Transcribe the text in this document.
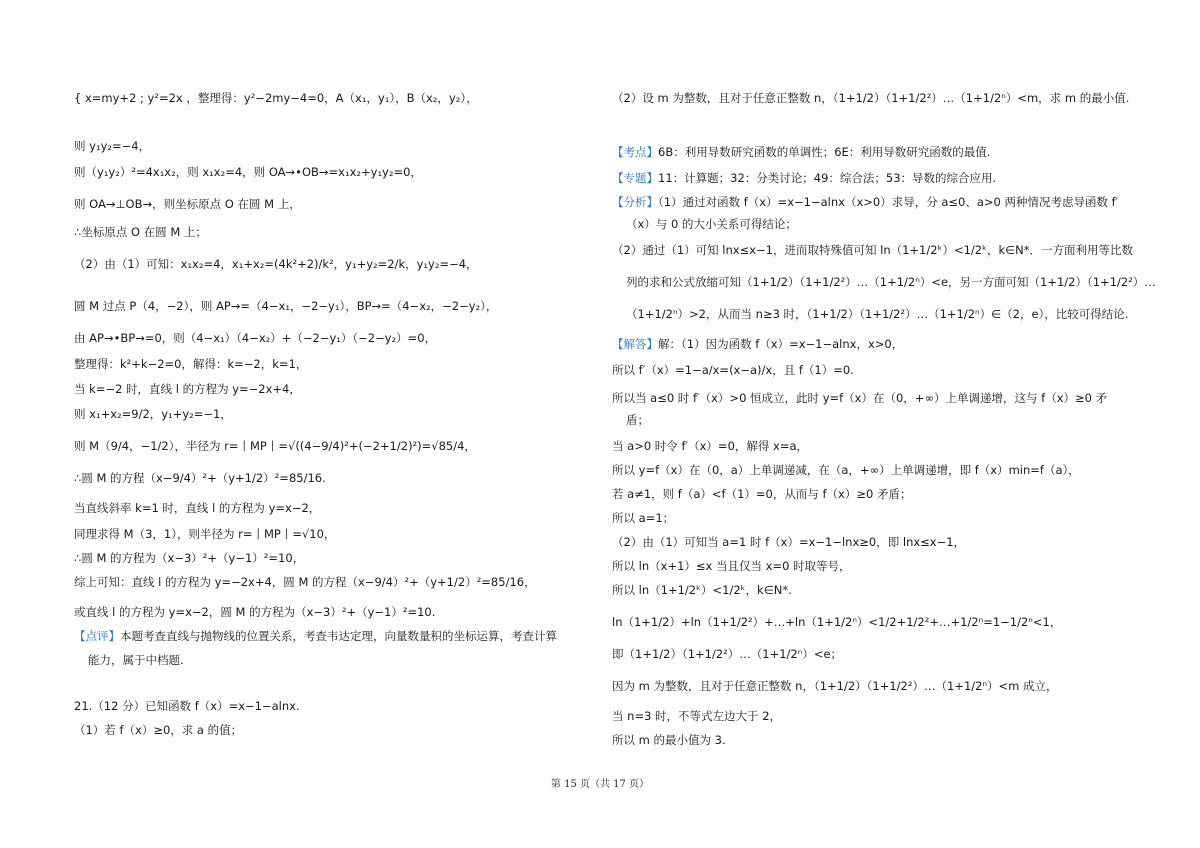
{ x=my+2 ; y²=2x ，整理得：y²−2my−4=0，A（x₁，y₁），B（x₂，y₂），
则 y₁y₂=−4，
则（y₁y₂）²=4x₁x₂，则 x₁x₂=4，则 OA→•OB→=x₁x₂+y₁y₂=0，
则 OA→⊥OB→，则坐标原点 O 在圆 M 上，
∴坐标原点 O 在圆 M 上；
（2）由（1）可知：x₁x₂=4，x₁+x₂=(4k²+2)/k²，y₁+y₂=2/k，y₁y₂=−4，
圆 M 过点 P（4，−2），则 AP→=（4−x₁，−2−y₁），BP→=（4−x₂，−2−y₂），
由 AP→•BP→=0，则（4−x₁）（4−x₂）+（−2−y₁）（−2−y₂）=0，
整理得：k²+k−2=0，解得：k=−2，k=1，
当 k=−2 时，直线 l 的方程为 y=−2x+4，
则 x₁+x₂=9/2，y₁+y₂=−1，
则 M（9/4，−1/2），半径为 r=丨MP丨=√((4−9/4)²+(−2+1/2)²)=√85/4，
∴圆 M 的方程（x−9/4）²+（y+1/2）²=85/16.
当直线斜率 k=1 时，直线 l 的方程为 y=x−2，
同理求得 M（3，1），则半径为 r=丨MP丨=√10，
∴圆 M 的方程为（x−3）²+（y−1）²=10，
综上可知：直线 l 的方程为 y=−2x+4，圆 M 的方程（x−9/4）²+（y+1/2）²=85/16，
或直线 l 的方程为 y=x−2，圆 M 的方程为（x−3）²+（y−1）²=10.
【点评】本题考查直线与抛物线的位置关系，考查韦达定理，向量数量积的坐标运算，考查计算
能力，属于中档题.
21.（12 分）已知函数 f（x）=x−1−alnx.
（1）若 f（x）≥0，求 a 的值；
（2）设 m 为整数，且对于任意正整数 n，（1+1/2）（1+1/2²）…（1+1/2ⁿ）<m，求 m 的最小值.
【考点】6B：利用导数研究函数的单调性；6E：利用导数研究函数的最值.
【专题】11：计算题；32：分类讨论；49：综合法；53：导数的综合应用.
【分析】（1）通过对函数 f（x）=x−1−alnx（x>0）求导，分 a≤0、a>0 两种情况考虑导函数 f′
（x）与 0 的大小关系可得结论；
（2）通过（1）可知 lnx≤x−1，进而取特殊值可知 ln（1+1/2ᵏ）<1/2ᵏ，k∈N*．一方面利用等比数
列的求和公式放缩可知（1+1/2）（1+1/2²）…（1+1/2ⁿ）<e，另一方面可知（1+1/2）（1+1/2²）…
（1+1/2ⁿ）>2，从而当 n≥3 时，（1+1/2）（1+1/2²）…（1+1/2ⁿ）∈（2，e），比较可得结论.
【解答】解：（1）因为函数 f（x）=x−1−alnx，x>0，
所以 f′（x）=1−a/x=(x−a)/x，且 f（1）=0.
所以当 a≤0 时 f′（x）>0 恒成立，此时 y=f（x）在（0，+∞）上单调递增，这与 f（x）≥0 矛
盾；
当 a>0 时令 f′（x）=0，解得 x=a，
所以 y=f（x）在（0，a）上单调递减，在（a，+∞）上单调递增，即 f（x）min=f（a），
若 a≠1，则 f（a）<f（1）=0，从而与 f（x）≥0 矛盾；
所以 a=1；
（2）由（1）可知当 a=1 时 f（x）=x−1−lnx≥0，即 lnx≤x−1，
所以 ln（x+1）≤x 当且仅当 x=0 时取等号，
所以 ln（1+1/2ᵏ）<1/2ᵏ，k∈N*.
ln（1+1/2）+ln（1+1/2²）+…+ln（1+1/2ⁿ）<1/2+1/2²+…+1/2ⁿ=1−1/2ⁿ<1，
即（1+1/2）（1+1/2²）…（1+1/2ⁿ）<e；
因为 m 为整数，且对于任意正整数 n，（1+1/2）（1+1/2²）…（1+1/2ⁿ）<m 成立，
当 n=3 时，不等式左边大于 2，
所以 m 的最小值为 3.
第 15 页（共 17 页）
